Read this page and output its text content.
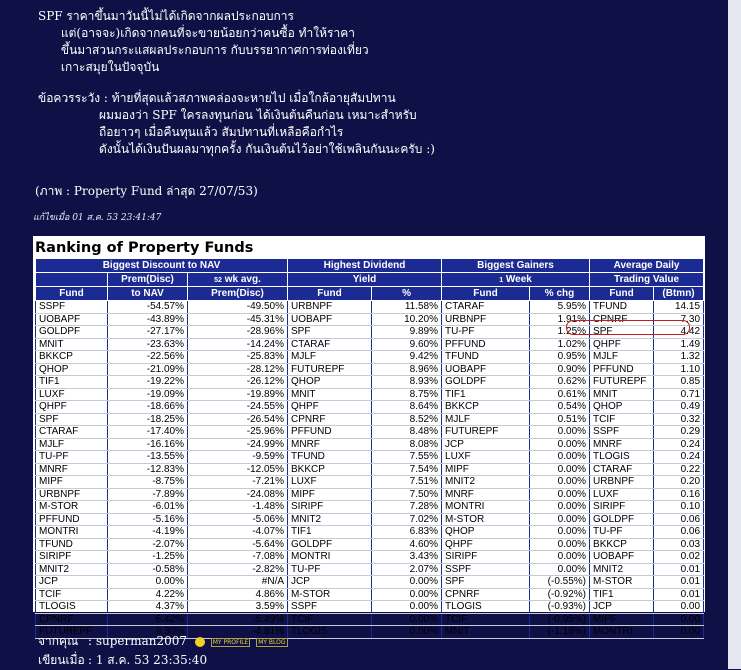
SPF ราคาขึ้นมาวันนี้ไม่ได้เกิดจากผลประกอบการ
แต่(อาจจะ)เกิดจากคนที่จะขายน้อยกว่าคนซื้อ ทำให้ราคา
ขึ้นมาสวนกระแสผลประกอบการ กับบรรยากาศการท่องเที่ยว
เกาะสมุยในปัจจุบัน
ข้อควรระวัง : ท้ายที่สุดแล้วสภาพคล่องจะหายไป เมื่อใกล้อายุสัมปทาน
ผมมองว่า SPF ใครลงทุนก่อน ได้เงินต้นคืนก่อน เหมาะสำหรับ
ถือยาวๆ เมื่อคืนทุนแล้ว สัมปทานที่เหลือคือกำไร
ดังนั้นได้เงินปันผลมาทุกครั้ง กันเงินต้นไว้อย่าใช้เพลินกันนะครับ :)
(ภาพ : Property Fund ล่าสุด 27/07/53)
แก้ไขเมื่อ 01 ส.ค. 53 23:41:47
Ranking of Property Funds
Biggest Discount to NAV			Highest Dividend		Biggest Gainers		Average Daily	
	Prem(Disc)	52 wk avg.	Yield		1 Week		Trading Value	
Fund	to NAV	Prem(Disc)	Fund	%	Fund	% chg	Fund	(Btmn)
SSPF	-54.57%	-49.50%	URBNPF	11.58%	CTARAF	5.95%	TFUND	14.15
UOBAPF	-43.89%	-45.31%	UOBAPF	10.20%	URBNPF	1.91%	CPNRF	7.30
GOLDPF	-27.17%	-28.96%	SPF	9.89%	TU-PF	1.25%	SPF	4.42
MNIT	-23.63%	-14.24%	CTARAF	9.60%	PFFUND	1.02%	QHPF	1.49
BKKCP	-22.56%	-25.83%	MJLF	9.42%	TFUND	0.95%	MJLF	1.32
QHOP	-21.09%	-28.12%	FUTUREPF	8.96%	UOBAPF	0.90%	PFFUND	1.10
TIF1	-19.22%	-26.12%	QHOP	8.93%	GOLDPF	0.62%	FUTUREPF	0.85
LUXF	-19.09%	-19.89%	MNIT	8.75%	TIF1	0.61%	MNIT	0.71
QHPF	-18.66%	-24.55%	QHPF	8.64%	BKKCP	0.54%	QHOP	0.49
SPF	-18.25%	-26.54%	CPNRF	8.52%	MJLF	0.51%	TCIF	0.32
CTARAF	-17.40%	-25.96%	PFFUND	8.48%	FUTUREPF	0.00%	SSPF	0.29
MJLF	-16.16%	-24.99%	MNRF	8.08%	JCP	0.00%	MNRF	0.24
TU-PF	-13.55%	-9.59%	TFUND	7.55%	LUXF	0.00%	TLOGIS	0.24
MNRF	-12.83%	-12.05%	BKKCP	7.54%	MIPF	0.00%	CTARAF	0.22
MIPF	-8.75%	-7.21%	LUXF	7.51%	MNIT2	0.00%	URBNPF	0.20
URBNPF	-7.89%	-24.08%	MIPF	7.50%	MNRF	0.00%	LUXF	0.16
M-STOR	-6.01%	-1.48%	SIRIPF	7.28%	MONTRI	0.00%	SIRIPF	0.10
PFFUND	-5.16%	-5.06%	MNIT2	7.02%	M-STOR	0.00%	GOLDPF	0.06
MONTRI	-4.19%	-4.07%	TIF1	6.83%	QHOP	0.00%	TU-PF	0.06
TFUND	-2.07%	-5.64%	GOLDPF	4.60%	QHPF	0.00%	BKKCP	0.03
SIRIPF	-1.25%	-7.08%	MONTRI	3.43%	SIRIPF	0.00%	UOBAPF	0.02
MNIT2	-0.58%	-2.82%	TU-PF	2.07%	SSPF	0.00%	MNIT2	0.01
JCP	0.00%	#N/A	JCP	0.00%	SPF	(-0.55%)	M-STOR	0.01
TCIF	4.22%	4.86%	M-STOR	0.00%	CPNRF	(-0.92%)	TIF1	0.01
TLOGIS	4.37%	3.59%	SSPF	0.00%	TLOGIS	(-0.93%)	JCP	0.00
CPNRF	6.42%	-5.49%	TCIF	0.00%	TCIF	(-0.95%)	MIPF	0.00
FUTUREPF	9.30%	-4.81%	TLOGIS	0.00%	MNIT	(-1.18%)	MONTRI	0.00
จากคุณ : superman2007	MY PROFILE MY BLOG
เขียนเมื่อ : 1 ส.ค. 53 23:35:40
